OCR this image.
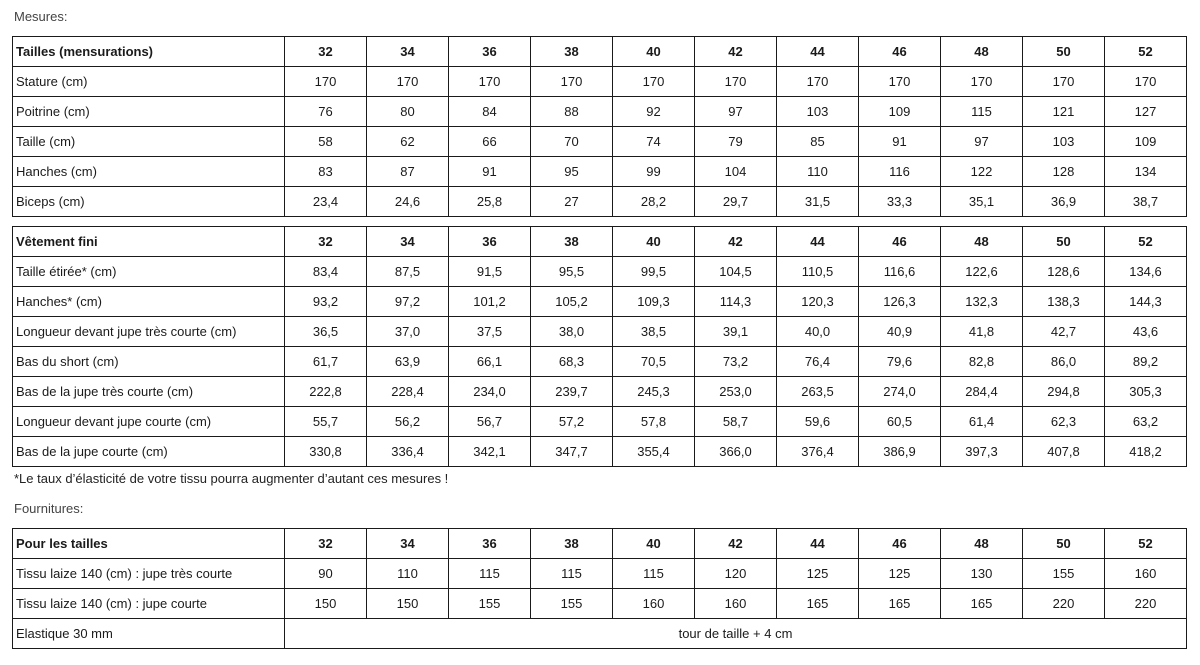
Mesures:
Tailles (mensurations)	32	34	36	38	40	42	44	46	48	50	52
Stature (cm)	170	170	170	170	170	170	170	170	170	170	170
Poitrine (cm)	76	80	84	88	92	97	103	109	115	121	127
Taille (cm)	58	62	66	70	74	79	85	91	97	103	109
Hanches (cm)	83	87	91	95	99	104	110	116	122	128	134
Biceps (cm)	23,4	24,6	25,8	27	28,2	29,7	31,5	33,3	35,1	36,9	38,7
Vêtement fini	32	34	36	38	40	42	44	46	48	50	52
Taille étirée* (cm)	83,4	87,5	91,5	95,5	99,5	104,5	110,5	116,6	122,6	128,6	134,6
Hanches* (cm)	93,2	97,2	101,2	105,2	109,3	114,3	120,3	126,3	132,3	138,3	144,3
Longueur devant jupe très courte (cm)	36,5	37,0	37,5	38,0	38,5	39,1	40,0	40,9	41,8	42,7	43,6
Bas du short (cm)	61,7	63,9	66,1	68,3	70,5	73,2	76,4	79,6	82,8	86,0	89,2
Bas de la jupe très courte (cm)	222,8	228,4	234,0	239,7	245,3	253,0	263,5	274,0	284,4	294,8	305,3
Longueur devant jupe courte (cm)	55,7	56,2	56,7	57,2	57,8	58,7	59,6	60,5	61,4	62,3	63,2
Bas de la jupe courte (cm)	330,8	336,4	342,1	347,7	355,4	366,0	376,4	386,9	397,3	407,8	418,2
*Le taux d’élasticité de votre tissu pourra augmenter d’autant ces mesures !
Fournitures:
Pour les tailles	32	34	36	38	40	42	44	46	48	50	52
Tissu laize 140 (cm) : jupe très courte	90	110	115	115	115	120	125	125	130	155	160
Tissu laize 140 (cm) : jupe courte	150	150	155	155	160	160	165	165	165	220	220
Elastique 30 mm	tour de taille + 4 cm										
